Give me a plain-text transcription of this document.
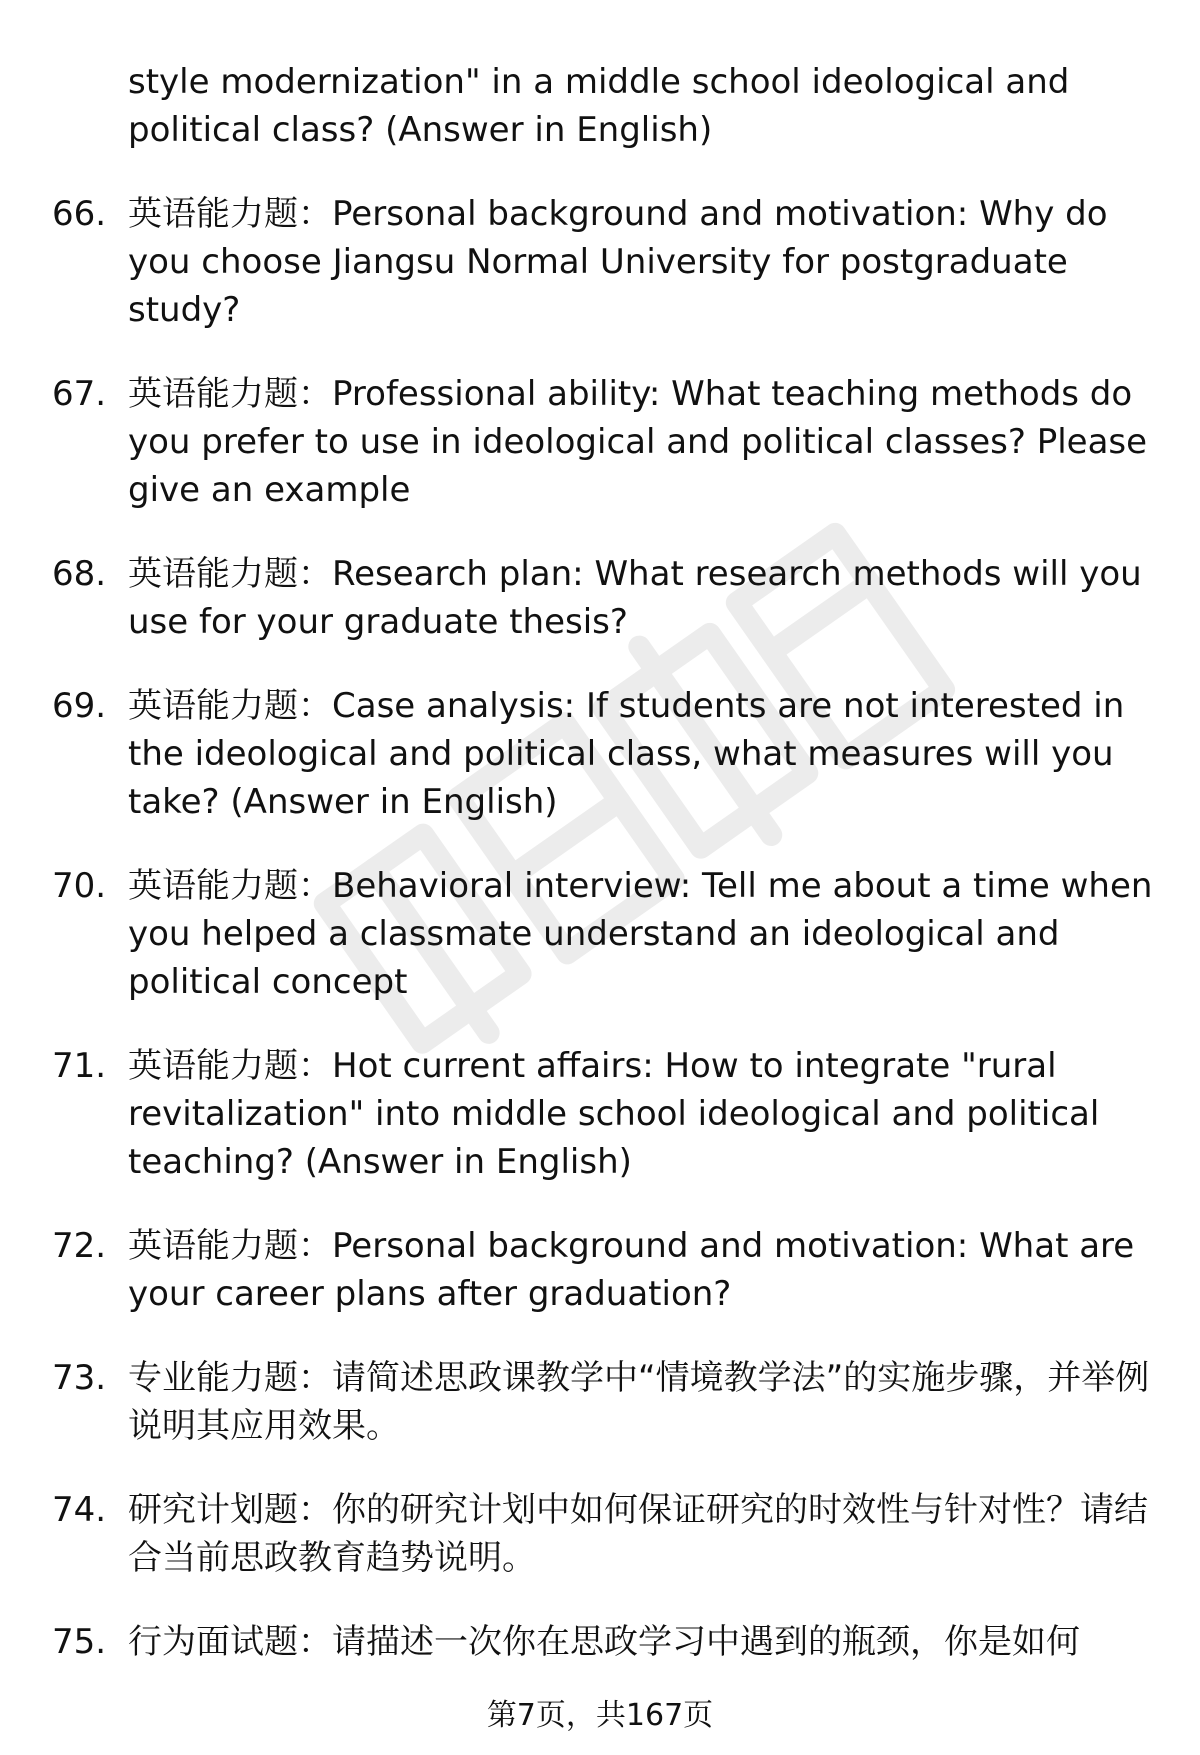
style modernization" in a middle school ideological and political class? (Answer in English)
66. 英语能力题：Personal background and motivation: Why do you choose Jiangsu Normal University for postgraduate study?
67. 英语能力题：Professional ability: What teaching methods do you prefer to use in ideological and political classes? Please give an example
68. 英语能力题：Research plan: What research methods will you use for your graduate thesis?
69. 英语能力题：Case analysis: If students are not interested in the ideological and political class, what measures will you take? (Answer in English)
70. 英语能力题：Behavioral interview: Tell me about a time when you helped a classmate understand an ideological and political concept
71. 英语能力题：Hot current affairs: How to integrate "rural revitalization" into middle school ideological and political teaching? (Answer in English)
72. 英语能力题：Personal background and motivation: What are your career plans after graduation?
73. 专业能力题：请简述思政课教学中“情境教学法”的实施步骤，并举例说明其应用效果。
74. 研究计划题：你的研究计划中如何保证研究的时效性与针对性？请结合当前思政教育趋势说明。
75. 行为面试题：请描述一次你在思政学习中遇到的瓶颈，你是如何
第7页，共167页
